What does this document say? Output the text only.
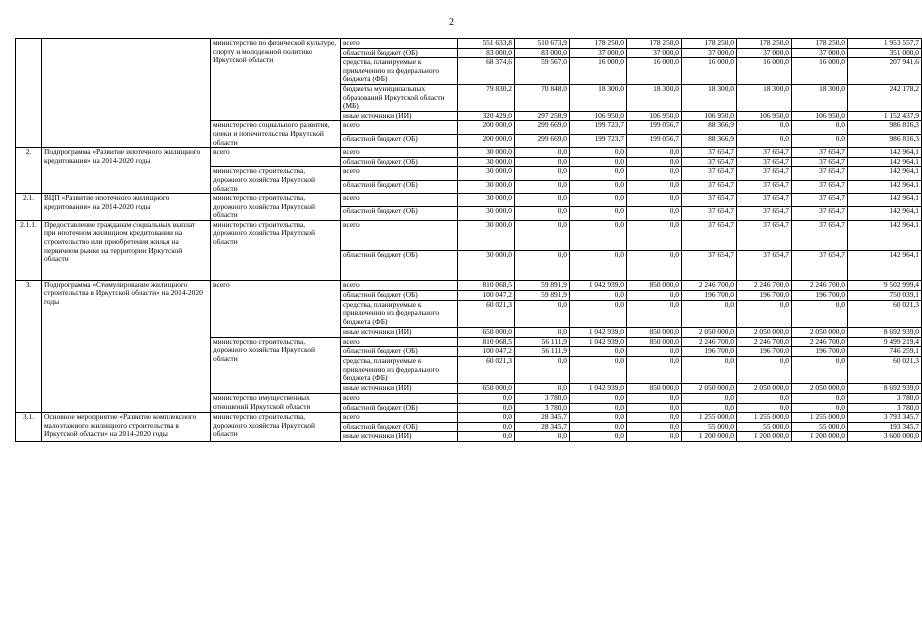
2
		министерство по физической культуре, спорту и молодежной политике Иркутской области	всего	551 633,8	510 673,9	178 250,0	178 250,0	178 250,0	178 250,0	178 250,0	1 953 557,7
			областной бюджет (ОБ)	83 000,0	83 000,0	37 000,0	37 000,0	37 000,0	37 000,0	37 000,0	351 000,0
			средства, планируемые к привлечению из федерального бюджета (ФБ)	68 374,6	59 567,0	16 000,0	16 000,0	16 000,0	16 000,0	16 000,0	207 941,6
			бюджеты муниципальных образований Иркутской области (МБ)	79 830,2	70 848,0	18 300,0	18 300,0	18 300,0	18 300,0	18 300,0	242 178,2
			иные источники (ИИ)	320 429,0	297 258,9	106 950,0	106 950,0	106 950,0	106 950,0	106 950,0	1 152 437,9
		министерство социального развития, опеки и попечительства Иркутской области	всего	200 000,0	299 669,0	199 723,7	199 056,7	88 366,9	0,0	0,0	986 816,3
			областной бюджет (ОБ)	200 000,0	299 669,0	199 723,7	199 056,7	88 366,9	0,0	0,0	986 816,3
2.	Подпрограмма «Развитие ипотечного жилищного кредитования» на 2014-2020 годы	всего	всего	30 000,0	0,0	0,0	0,0	37 654,7	37 654,7	37 654,7	142 964,1
			областной бюджет (ОБ)	30 000,0	0,0	0,0	0,0	37 654,7	37 654,7	37 654,7	142 964,1
		министерство строительства, дорожного хозяйства Иркутской области	всего	30 000,0	0,0	0,0	0,0	37 654,7	37 654,7	37 654,7	142 964,1
			областной бюджет (ОБ)	30 000,0	0,0	0,0	0,0	37 654,7	37 654,7	37 654,7	142 964,1
2.1.	ВЦП «Развитие ипотечного жилищного кредитования» на 2014-2020 годы	министерство строительства, дорожного хозяйства Иркутской области	всего	30 000,0	0,0	0,0	0,0	37 654,7	37 654,7	37 654,7	142 964,1
			областной бюджет (ОБ)	30 000,0	0,0	0,0	0,0	37 654,7	37 654,7	37 654,7	142 964,1
2.1.1.	Предоставление гражданам социальных выплат при ипотечном жилищном кредитовании на строительство или приобретения жилья на первичном рынке на территории Иркутской области	министерство строительства, дорожного хозяйства Иркутской области	всего	30 000,0	0,0	0,0	0,0	37 654,7	37 654,7	37 654,7	142 964,1
			областной бюджет (ОБ)	30 000,0	0,0	0,0	0,0	37 654,7	37 654,7	37 654,7	142 964,1
3.	Подпрограмма «Стимулирование жилищного строительства в Иркутской области» на 2014-2020 годы	всего	всего	810 068,5	59 891,9	1 042 939,0	850 000,0	2 246 700,0	2 246 700,0	2 246 700,0	9 502 999,4
			областной бюджет (ОБ)	100 047,2	59 891,9	0,0	0,0	196 700,0	196 700,0	196 700,0	750 039,1
			средства, планируемые к привлечению из федерального бюджета (ФБ)	60 021,3	0,0	0,0	0,0	0,0	0,0	0,0	60 021,3
			иные источники (ИИ)	650 000,0	0,0	1 042 939,0	850 000,0	2 050 000,0	2 050 000,0	2 050 000,0	8 692 939,0
		министерство строительства, дорожного хозяйства Иркутской области	всего	810 068,5	56 111,9	1 042 939,0	850 000,0	2 246 700,0	2 246 700,0	2 246 700,0	9 499 219,4
			областной бюджет (ОБ)	100 047,2	56 111,9	0,0	0,0	196 700,0	196 700,0	196 700,0	746 259,1
			средства, планируемые к привлечению из федерального бюджета (ФБ)	60 021,3	0,0	0,0	0,0	0,0	0,0	0,0	60 021,3
			иные источники (ИИ)	650 000,0	0,0	1 042 939,0	850 000,0	2 050 000,0	2 050 000,0	2 050 000,0	8 692 939,0
		министерство имущественных отношений Иркутской области	всего	0,0	3 780,0	0,0	0,0	0,0	0,0	0,0	3 780,0
			областной бюджет (ОБ)	0,0	3 780,0	0,0	0,0	0,0	0,0	0,0	3 780,0
3.1.	Основное мероприятие «Развитие комплексного малоэтажного жилищного строительства в Иркутской области» на 2014-2020 годы	министерство строительства, дорожного хозяйства Иркутской области	всего	0,0	28 345,7	0,0	0,0	1 255 000,0	1 255 000,0	1 255 000,0	3 793 345,7
			областной бюджет (ОБ)	0,0	28 345,7	0,0	0,0	55 000,0	55 000,0	55 000,0	193 345,7
			иные источники (ИИ)	0,0	0,0	0,0	0,0	1 200 000,0	1 200 000,0	1 200 000,0	3 600 000,0
